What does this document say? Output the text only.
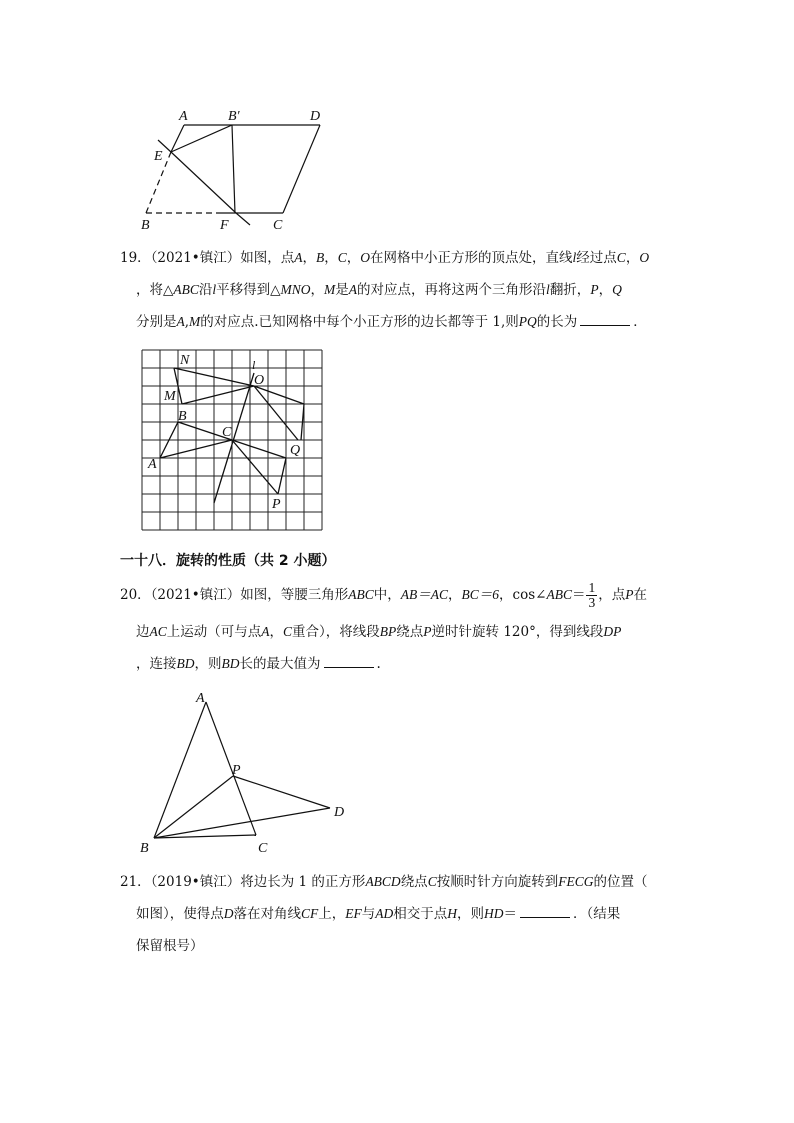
A	B′	D
E
B	F	C
19．（2021•镇江）如图，点A，B，C，O在网格中小正方形的顶点处，直线l经过点C，O
，将△ABC沿l平移得到△MNO，M是A的对应点，再将这两个三角形沿l翻折，P，Q
分别是A,M的对应点.已知网格中每个小正方形的边长都等于 1,则PQ的长为	．
N	l
O
M
B
C
A
Q
P
一十八．旋转的性质（共 2 小题）
20．（2021•镇江）如图，等腰三角形ABC中，AB＝AC，BC＝6，cos∠ABC＝ $\frac{1}{3}$ ，点P在
边AC上运动（可与点A，C重合），将线段BP绕点P逆时针旋转 120°，得到线段DP
，连接BD，则BD长的最大值为	.
A
P
D
B	C
21．（2019•镇江）将边长为 1 的正方形ABCD绕点C按顺时针方向旋转到FECG的位置（
如图），使得点D落在对角线CF上，EF与AD相交于点H，则HD＝	．（结果
保留根号）
